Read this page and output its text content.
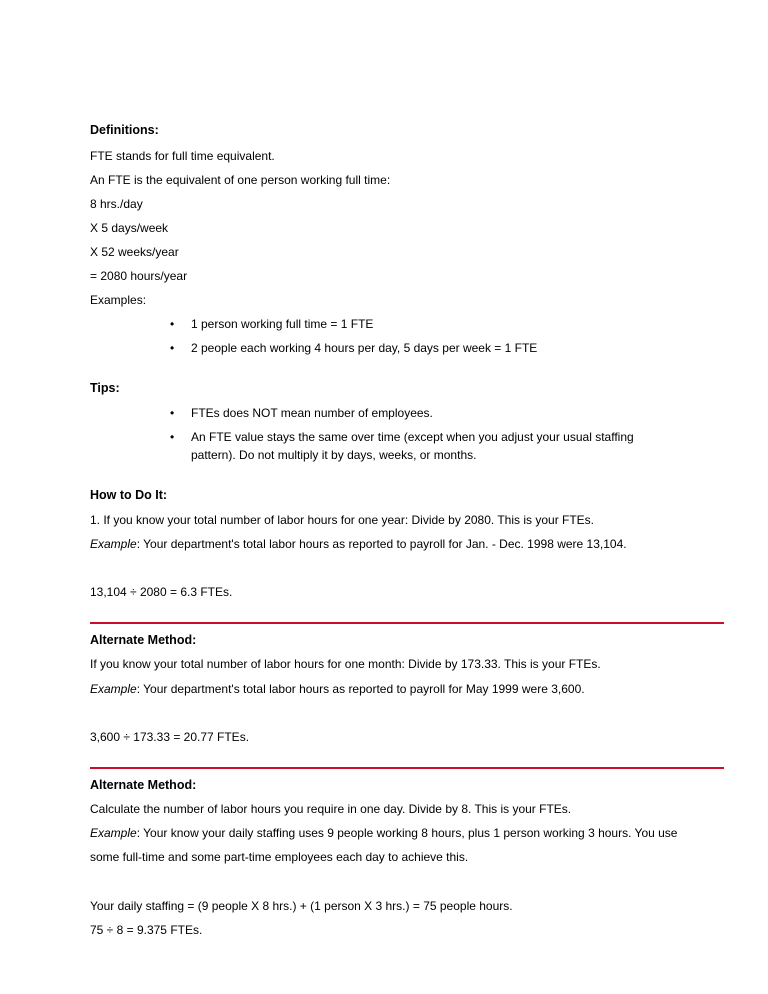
Definitions:
FTE stands for full time equivalent.
An FTE is the equivalent of one person working full time:
8 hrs./day
X 5 days/week
X 52 weeks/year
= 2080 hours/year
Examples:
• 1 person working full time = 1 FTE
• 2 people each working 4 hours per day, 5 days per week = 1 FTE
Tips:
• FTEs does NOT mean number of employees.
• An FTE value stays the same over time (except when you adjust your usual staffing pattern). Do not multiply it by days, weeks, or months.
How to Do It:
1. If you know your total number of labor hours for one year: Divide by 2080. This is your FTEs.
Example: Your department's total labor hours as reported to payroll for Jan. - Dec. 1998 were 13,104.
13,104 ÷ 2080 = 6.3 FTEs.
Alternate Method:
If you know your total number of labor hours for one month: Divide by 173.33. This is your FTEs.
Example: Your department's total labor hours as reported to payroll for May 1999 were 3,600.
3,600 ÷ 173.33 = 20.77 FTEs.
Alternate Method:
Calculate the number of labor hours you require in one day. Divide by 8. This is your FTEs.
Example: Your know your daily staffing uses 9 people working 8 hours, plus 1 person working 3 hours. You use
some full-time and some part-time employees each day to achieve this.
Your daily staffing = (9 people X 8 hrs.) + (1 person X 3 hrs.) = 75 people hours.
75 ÷ 8 = 9.375 FTEs.
